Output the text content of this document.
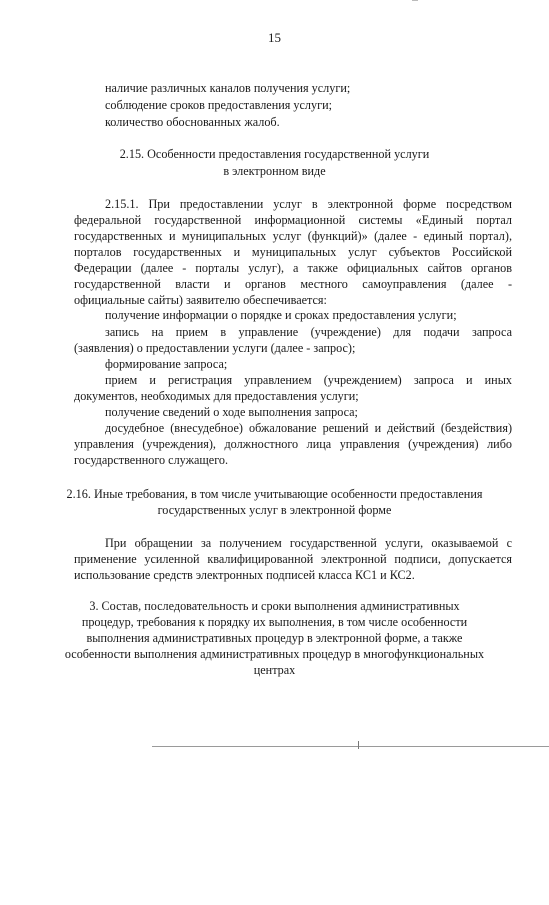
15
наличие различных каналов получения услуги;
соблюдение сроков предоставления услуги;
количество обоснованных жалоб.
2.15. Особенности предоставления государственной услуги
в электронном виде
2.15.1. При предоставлении услуг в электронной форме посредством
федеральной государственной информационной системы «Единый портал
государственных и муниципальных услуг (функций)» (далее - единый портал),
порталов государственных и муниципальных услуг субъектов Российской
Федерации (далее - порталы услуг), а также официальных сайтов органов
государственной власти и органов местного самоуправления (далее -
официальные сайты) заявителю обеспечивается:
получение информации о порядке и сроках предоставления услуги;
запись на прием в управление (учреждение) для подачи запроса
(заявления) о предоставлении услуги (далее - запрос);
формирование запроса;
прием и регистрация управлением (учреждением) запроса и иных
документов, необходимых для предоставления услуги;
получение сведений о ходе выполнения запроса;
досудебное (внесудебное) обжалование решений и действий (бездействия)
управления (учреждения), должностного лица управления (учреждения) либо
государственного служащего.
2.16. Иные требования, в том числе учитывающие особенности предоставления
государственных услуг в электронной форме
При обращении за получением государственной услуги, оказываемой с
применение усиленной квалифицированной электронной подписи, допускается
использование средств электронных подписей класса КС1 и КС2.
3. Состав, последовательность и сроки выполнения административных
процедур, требования к порядку их выполнения, в том числе особенности
выполнения административных процедур в электронной форме, а также
особенности выполнения административных процедур в многофункциональных
центрах
